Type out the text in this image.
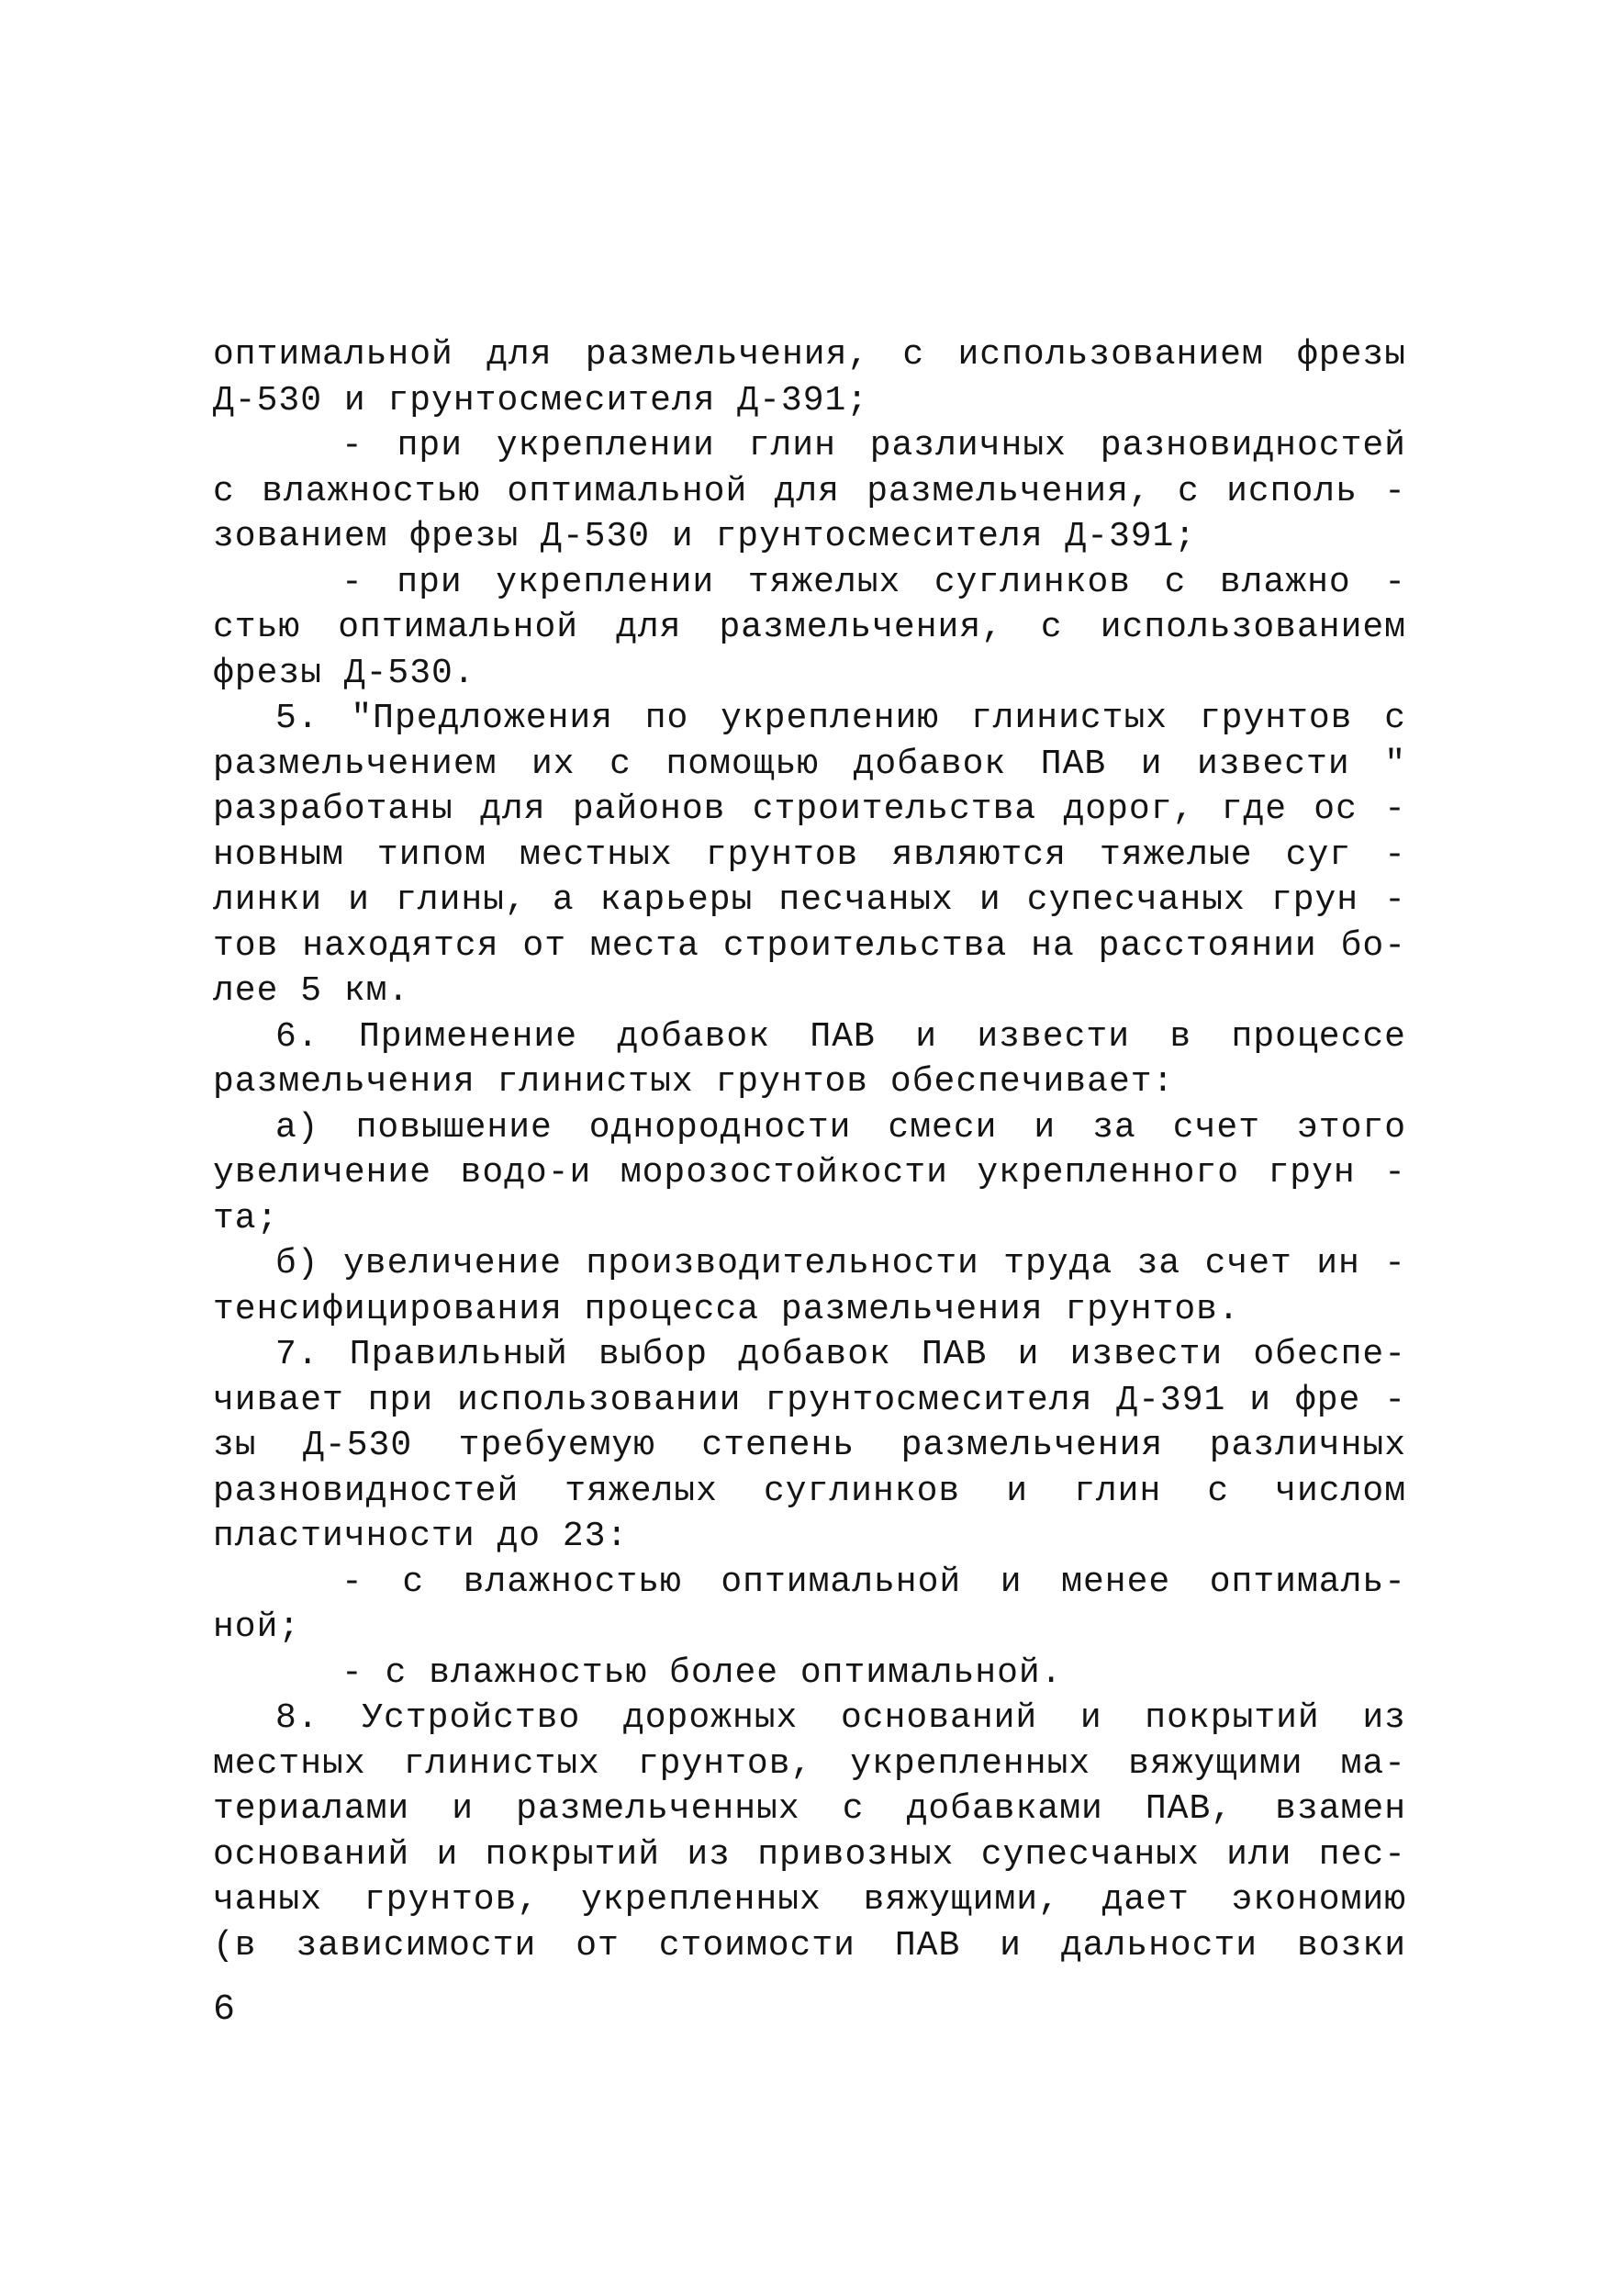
оптимальной для размельчения, с использованием фрезы
Д-530 и грунтосмесителя Д-391;
- при укреплении глин различных разновидностей
с влажностью оптимальной для размельчения, с исполь -
зованием фрезы Д-530 и грунтосмесителя Д-391;
- при укреплении тяжелых суглинков с влажно -
стью оптимальной для размельчения, с использованием
фрезы Д-530.
5. ″Предложения по укреплению глинистых грунтов с
размельчением их с помощью добавок ПАВ и извести ″
разработаны для районов строительства дорог, где ос -
новным типом местных грунтов являются тяжелые суг -
линки и глины, а карьеры песчаных и супесчаных грун -
тов находятся от места строительства на расстоянии бо-
лее 5 км.
6. Применение добавок ПАВ и извести в процессе
размельчения глинистых грунтов обеспечивает:
а) повышение однородности смеси и за счет этого
увеличение водо-и морозостойкости укрепленного грун -
та;
б) увеличение производительности труда за счет ин -
тенсифицирования процесса размельчения грунтов.
7. Правильный выбор добавок ПАВ и извести обеспе-
чивает при использовании грунтосмесителя Д-391 и фре -
зы Д-530 требуемую степень размельчения различных
разновидностей тяжелых суглинков и глин с числом
пластичности до 23:
- с влажностью оптимальной и менее оптималь-
ной;
- с влажностью более оптимальной.
8. Устройство дорожных оснований и покрытий из
местных глинистых грунтов, укрепленных вяжущими ма-
териалами и размельченных с добавками ПАВ, взамен
оснований и покрытий из привозных супесчаных или пес-
чаных грунтов, укрепленных вяжущими, дает экономию
(в зависимости от стоимости ПАВ и дальности возки
6
